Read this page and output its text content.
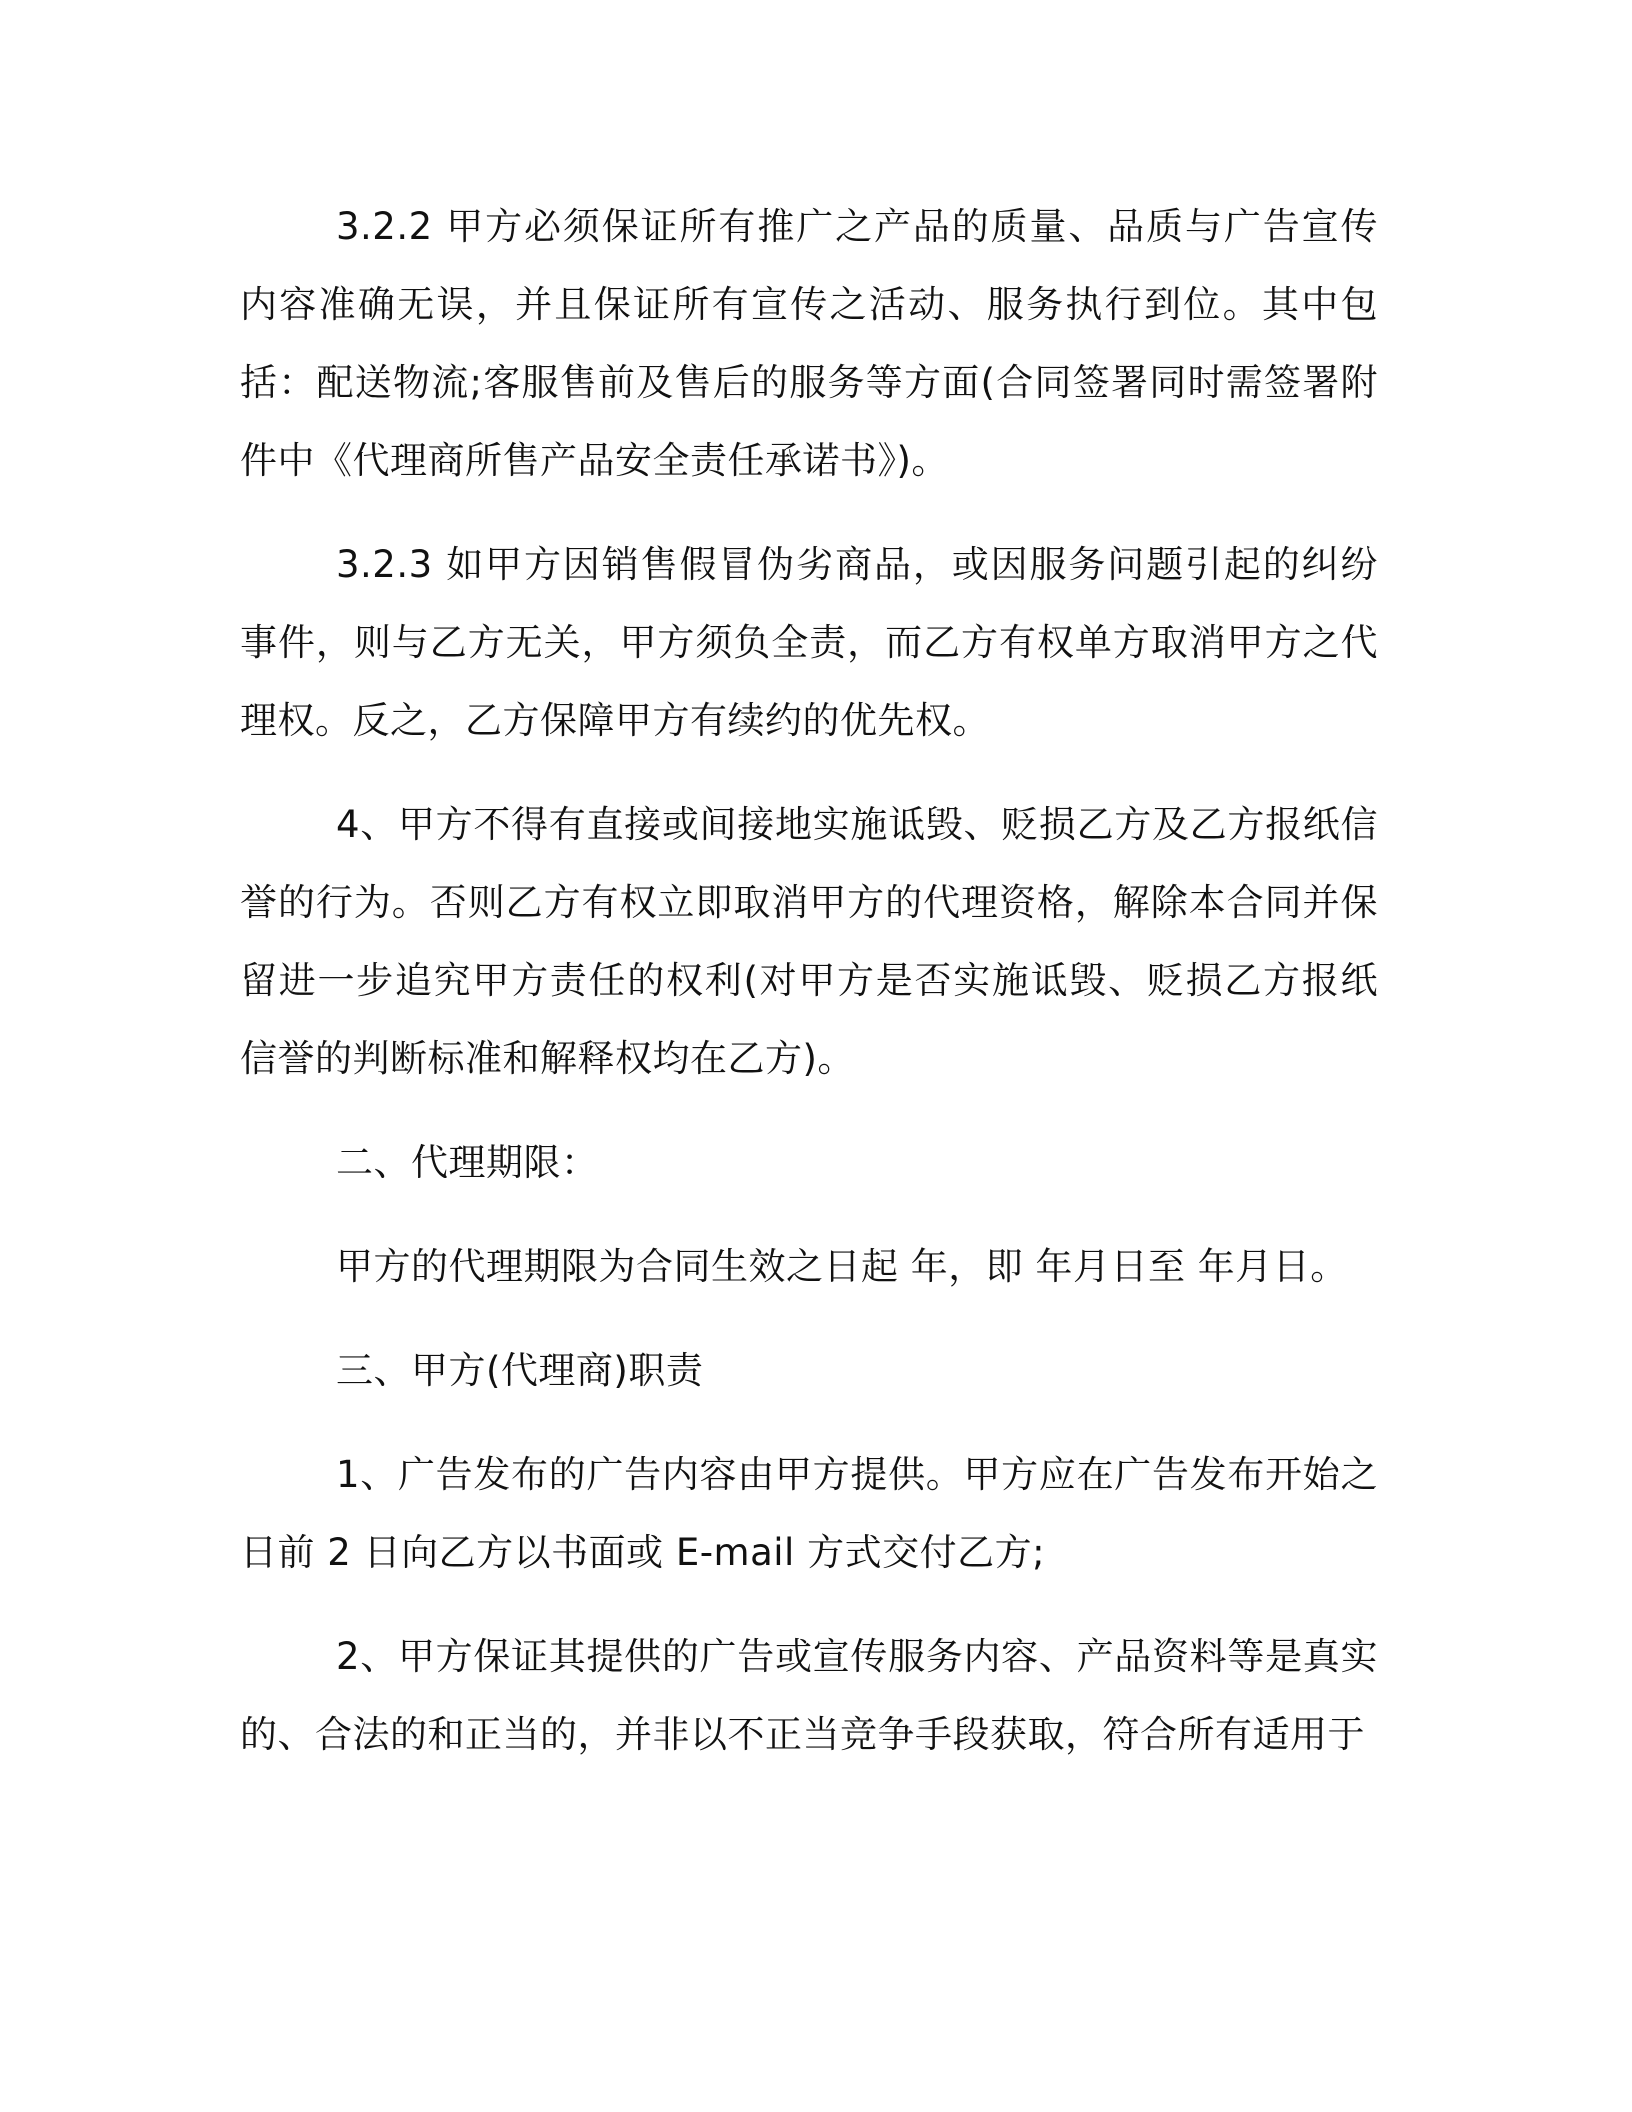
3.2.2 甲方必须保证所有推广之产品的质量、品质与广告宣传内容准确无误，并且保证所有宣传之活动、服务执行到位。其中包括：配送物流;客服售前及售后的服务等方面(合同签署同时需签署附件中《代理商所售产品安全责任承诺书》)。

3.2.3 如甲方因销售假冒伪劣商品，或因服务问题引起的纠纷事件，则与乙方无关，甲方须负全责，而乙方有权单方取消甲方之代理权。反之，乙方保障甲方有续约的优先权。

4、甲方不得有直接或间接地实施诋毁、贬损乙方及乙方报纸信誉的行为。否则乙方有权立即取消甲方的代理资格，解除本合同并保留进一步追究甲方责任的权利(对甲方是否实施诋毁、贬损乙方报纸信誉的判断标准和解释权均在乙方)。

二、代理期限：

甲方的代理期限为合同生效之日起 年，即 年月日至 年月日。

三、甲方(代理商)职责

1、广告发布的广告内容由甲方提供。甲方应在广告发布开始之日前 2 日向乙方以书面或 E-mail 方式交付乙方;

2、甲方保证其提供的广告或宣传服务内容、产品资料等是真实的、合法的和正当的，并非以不正当竞争手段获取，符合所有适用于
